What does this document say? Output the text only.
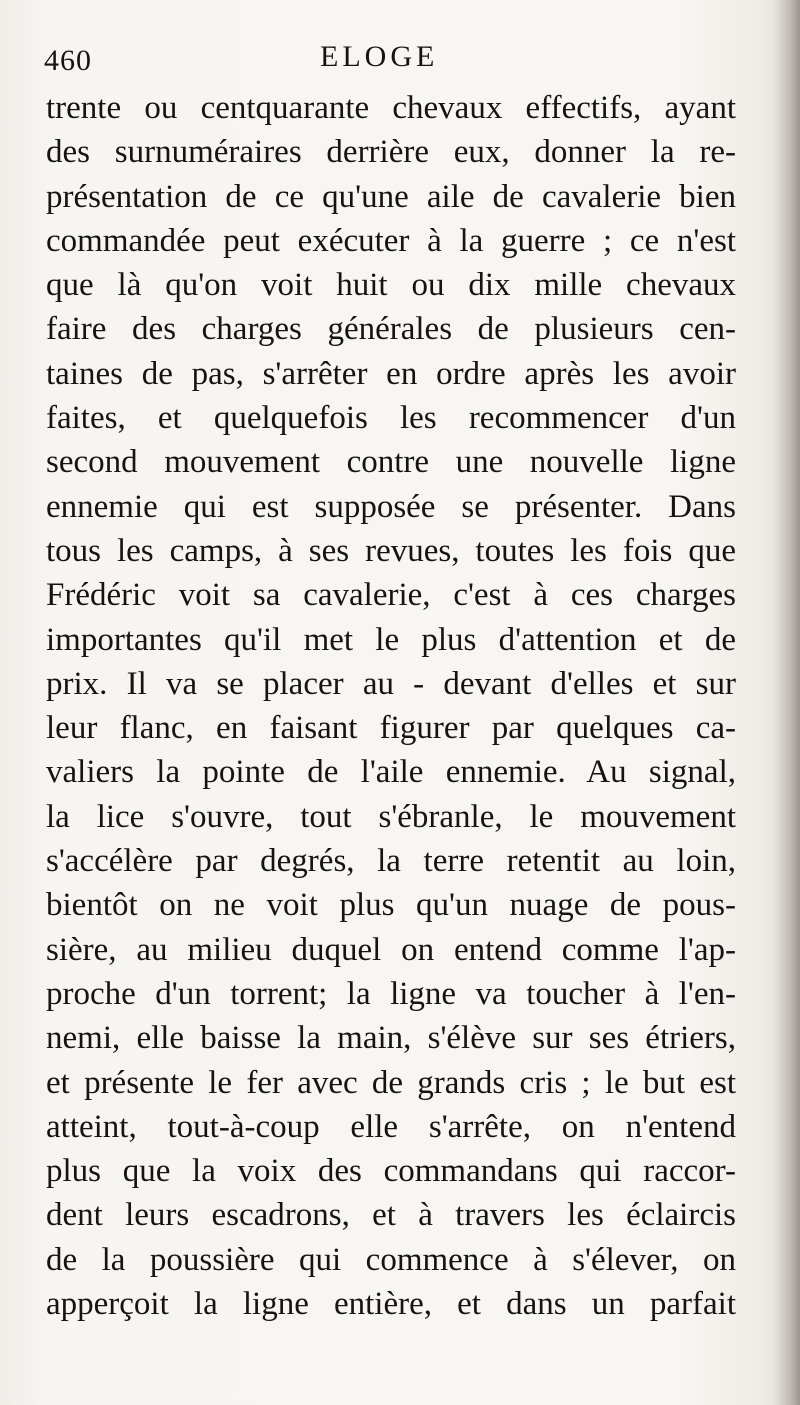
460	ELOGE
trente ou centquarante chevaux effectifs, ayant
des surnuméraires derrière eux, donner la re-
présentation de ce qu'une aile de cavalerie bien
commandée peut exécuter à la guerre ; ce n'est
que là qu'on voit huit ou dix mille chevaux
faire des charges générales de plusieurs cen-
taines de pas, s'arrêter en ordre après les avoir
faites, et quelquefois les recommencer d'un
second mouvement contre une nouvelle ligne
ennemie qui est supposée se présenter. Dans
tous les camps, à ses revues, toutes les fois que
Frédéric voit sa cavalerie, c'est à ces charges
importantes qu'il met le plus d'attention et de
prix. Il va se placer au - devant d'elles et sur
leur flanc, en faisant figurer par quelques ca-
valiers la pointe de l'aile ennemie. Au signal,
la lice s'ouvre, tout s'ébranle, le mouvement
s'accélère par degrés, la terre retentit au loin,
bientôt on ne voit plus qu'un nuage de pous-
sière, au milieu duquel on entend comme l'ap-
proche d'un torrent; la ligne va toucher à l'en-
nemi, elle baisse la main, s'élève sur ses étriers,
et présente le fer avec de grands cris ; le but est
atteint, tout-à-coup elle s'arrête, on n'entend
plus que la voix des commandans qui raccor-
dent leurs escadrons, et à travers les éclaircis
de la poussière qui commence à s'élever, on
apperçoit la ligne entière, et dans un parfait
